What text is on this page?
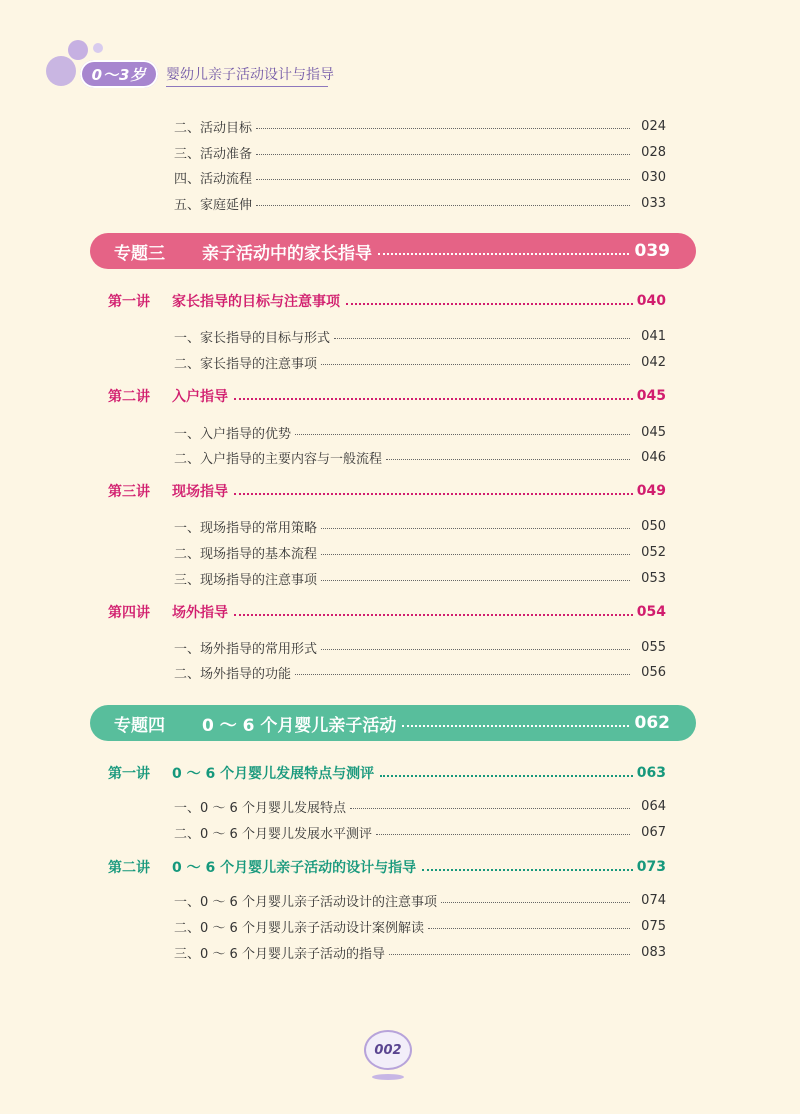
0～3岁	婴幼儿亲子活动设计与指导
二、活动目标	024
三、活动准备	028
四、活动流程	030
五、家庭延伸	033
专题三	亲子活动中的家长指导	039
第一讲	家长指导的目标与注意事项	040
一、家长指导的目标与形式	041
二、家长指导的注意事项	042
第二讲	入户指导	045
一、入户指导的优势	045
二、入户指导的主要内容与一般流程	046
第三讲	现场指导	049
一、现场指导的常用策略	050
二、现场指导的基本流程	052
三、现场指导的注意事项	053
第四讲	场外指导	054
一、场外指导的常用形式	055
二、场外指导的功能	056
专题四	0 ～ 6 个月婴儿亲子活动	062
第一讲	0 ～ 6 个月婴儿发展特点与测评	063
一、0 ～ 6 个月婴儿发展特点	064
二、0 ～ 6 个月婴儿发展水平测评	067
第二讲	0 ～ 6 个月婴儿亲子活动的设计与指导	073
一、0 ～ 6 个月婴儿亲子活动设计的注意事项	074
二、0 ～ 6 个月婴儿亲子活动设计案例解读	075
三、0 ～ 6 个月婴儿亲子活动的指导	083
002
